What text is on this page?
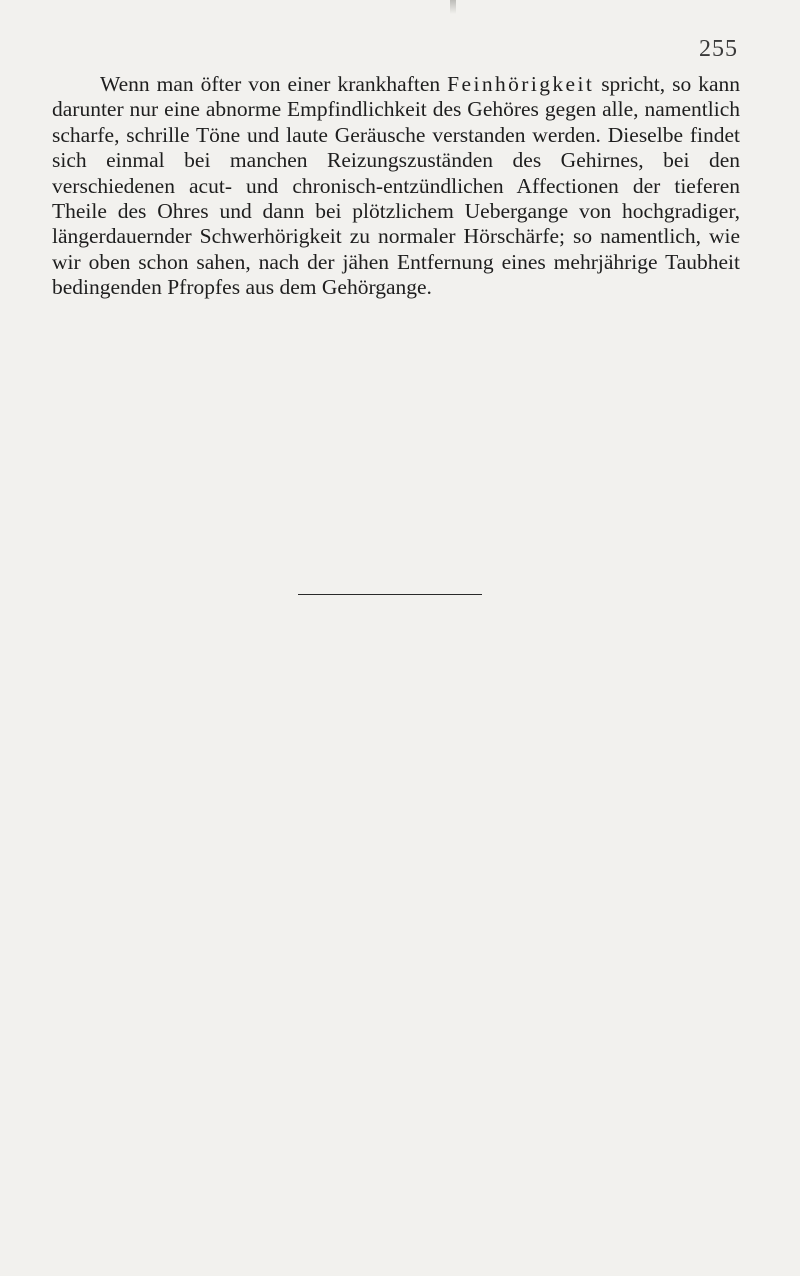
255

Wenn man öfter von einer krankhaften Feinhörigkeit spricht, so kann darunter nur eine abnorme Empfindlichkeit des Gehöres gegen alle, namentlich scharfe, schrille Töne und laute Geräusche verstanden werden. Dieselbe findet sich einmal bei manchen Reizungszuständen des Gehirnes, bei den verschiedenen acut- und chronisch-entzündlichen Affectionen der tieferen Theile des Ohres und dann bei plötzlichem Uebergange von hochgradiger, längerdauernder Schwerhörigkeit zu normaler Hörschärfe; so namentlich, wie wir oben schon sahen, nach der jähen Entfernung eines mehrjährige Taubheit bedingenden Pfropfes aus dem Gehörgange.
